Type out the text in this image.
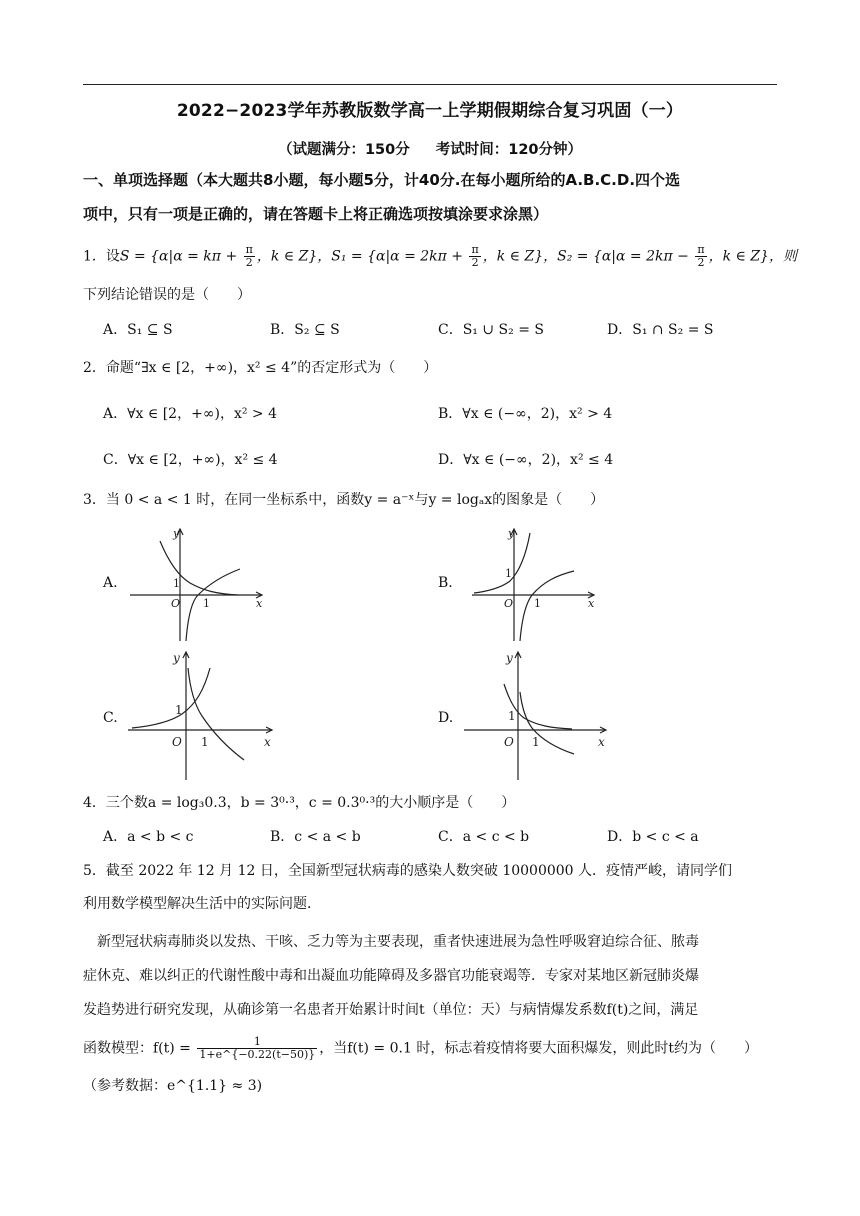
2022−2023学年苏教版数学高一上学期假期综合复习巩固（一）
（试题满分：150分 考试时间：120分钟）
一、单项选择题（本大题共8小题，每小题5分，计40分.在每小题所给的A.B.C.D.四个选
项中，只有一项是正确的，请在答题卡上将正确选项按填涂要求涂黑）
1．设$S = \{\alpha|\alpha = k\pi + \frac{\pi}{2}$ ，k ∈ Z}，$S_1 = \{\alpha|\alpha = 2k\pi + \frac{\pi}{2}$ ，k ∈ Z}，$S_2 = \{\alpha|\alpha = 2k\pi - \frac{\pi}{2}$ ，k ∈ Z}，则
下列结论错误的是（　　）
A．S₁ ⊆ S	B．S₂ ⊆ S	C．S₁ ∪ S₂ = S	D．S₁ ∩ S₂ = S
2．命题“∃x ∈ [2，+∞)，x² ≤ 4”的否定形式为（　　）
A．∀x ∈ [2，+∞)，x² > 4	B．∀x ∈ (−∞，2)，x² > 4
C．∀x ∈ [2，+∞)，x² ≤ 4	D．∀x ∈ (−∞，2)，x² ≤ 4
3．当 0 < a < 1 时，在同一坐标系中，函数y = a⁻ˣ与y = logₐx的图象是（　　）
A.
y
x
O
1
1
B.
y
x
O
1
1
C.
y
x
O
1
1
D.
y
x
O
1
1
4．三个数a = log₃0.3，b = 3⁰·³，c = 0.3⁰·³的大小顺序是（　　）
A．a < b < c	B．c < a < b	C．a < c < b	D．b < c < a
5．截至 2022 年 12 月 12 日，全国新型冠状病毒的感染人数突破 10000000 人．疫情严峻，请同学们
利用数学模型解决生活中的实际问题．
　新型冠状病毒肺炎以发热、干咳、乏力等为主要表现，重者快速进展为急性呼吸窘迫综合征、脓毒
症休克、难以纠正的代谢性酸中毒和出凝血功能障碍及多器官功能衰竭等．专家对某地区新冠肺炎爆
发趋势进行研究发现，从确诊第一名患者开始累计时间t（单位：天）与病情爆发系数f(t)之间，满足
函数模型：$f(t) = \frac{1}{1+e\^{}\{-0.22(t-50)\}}$ ，当f(t) = 0.1 时，标志着疫情将要大面积爆发，则此时t约为（　　）
（参考数据：e^{1.1} ≈ 3)
